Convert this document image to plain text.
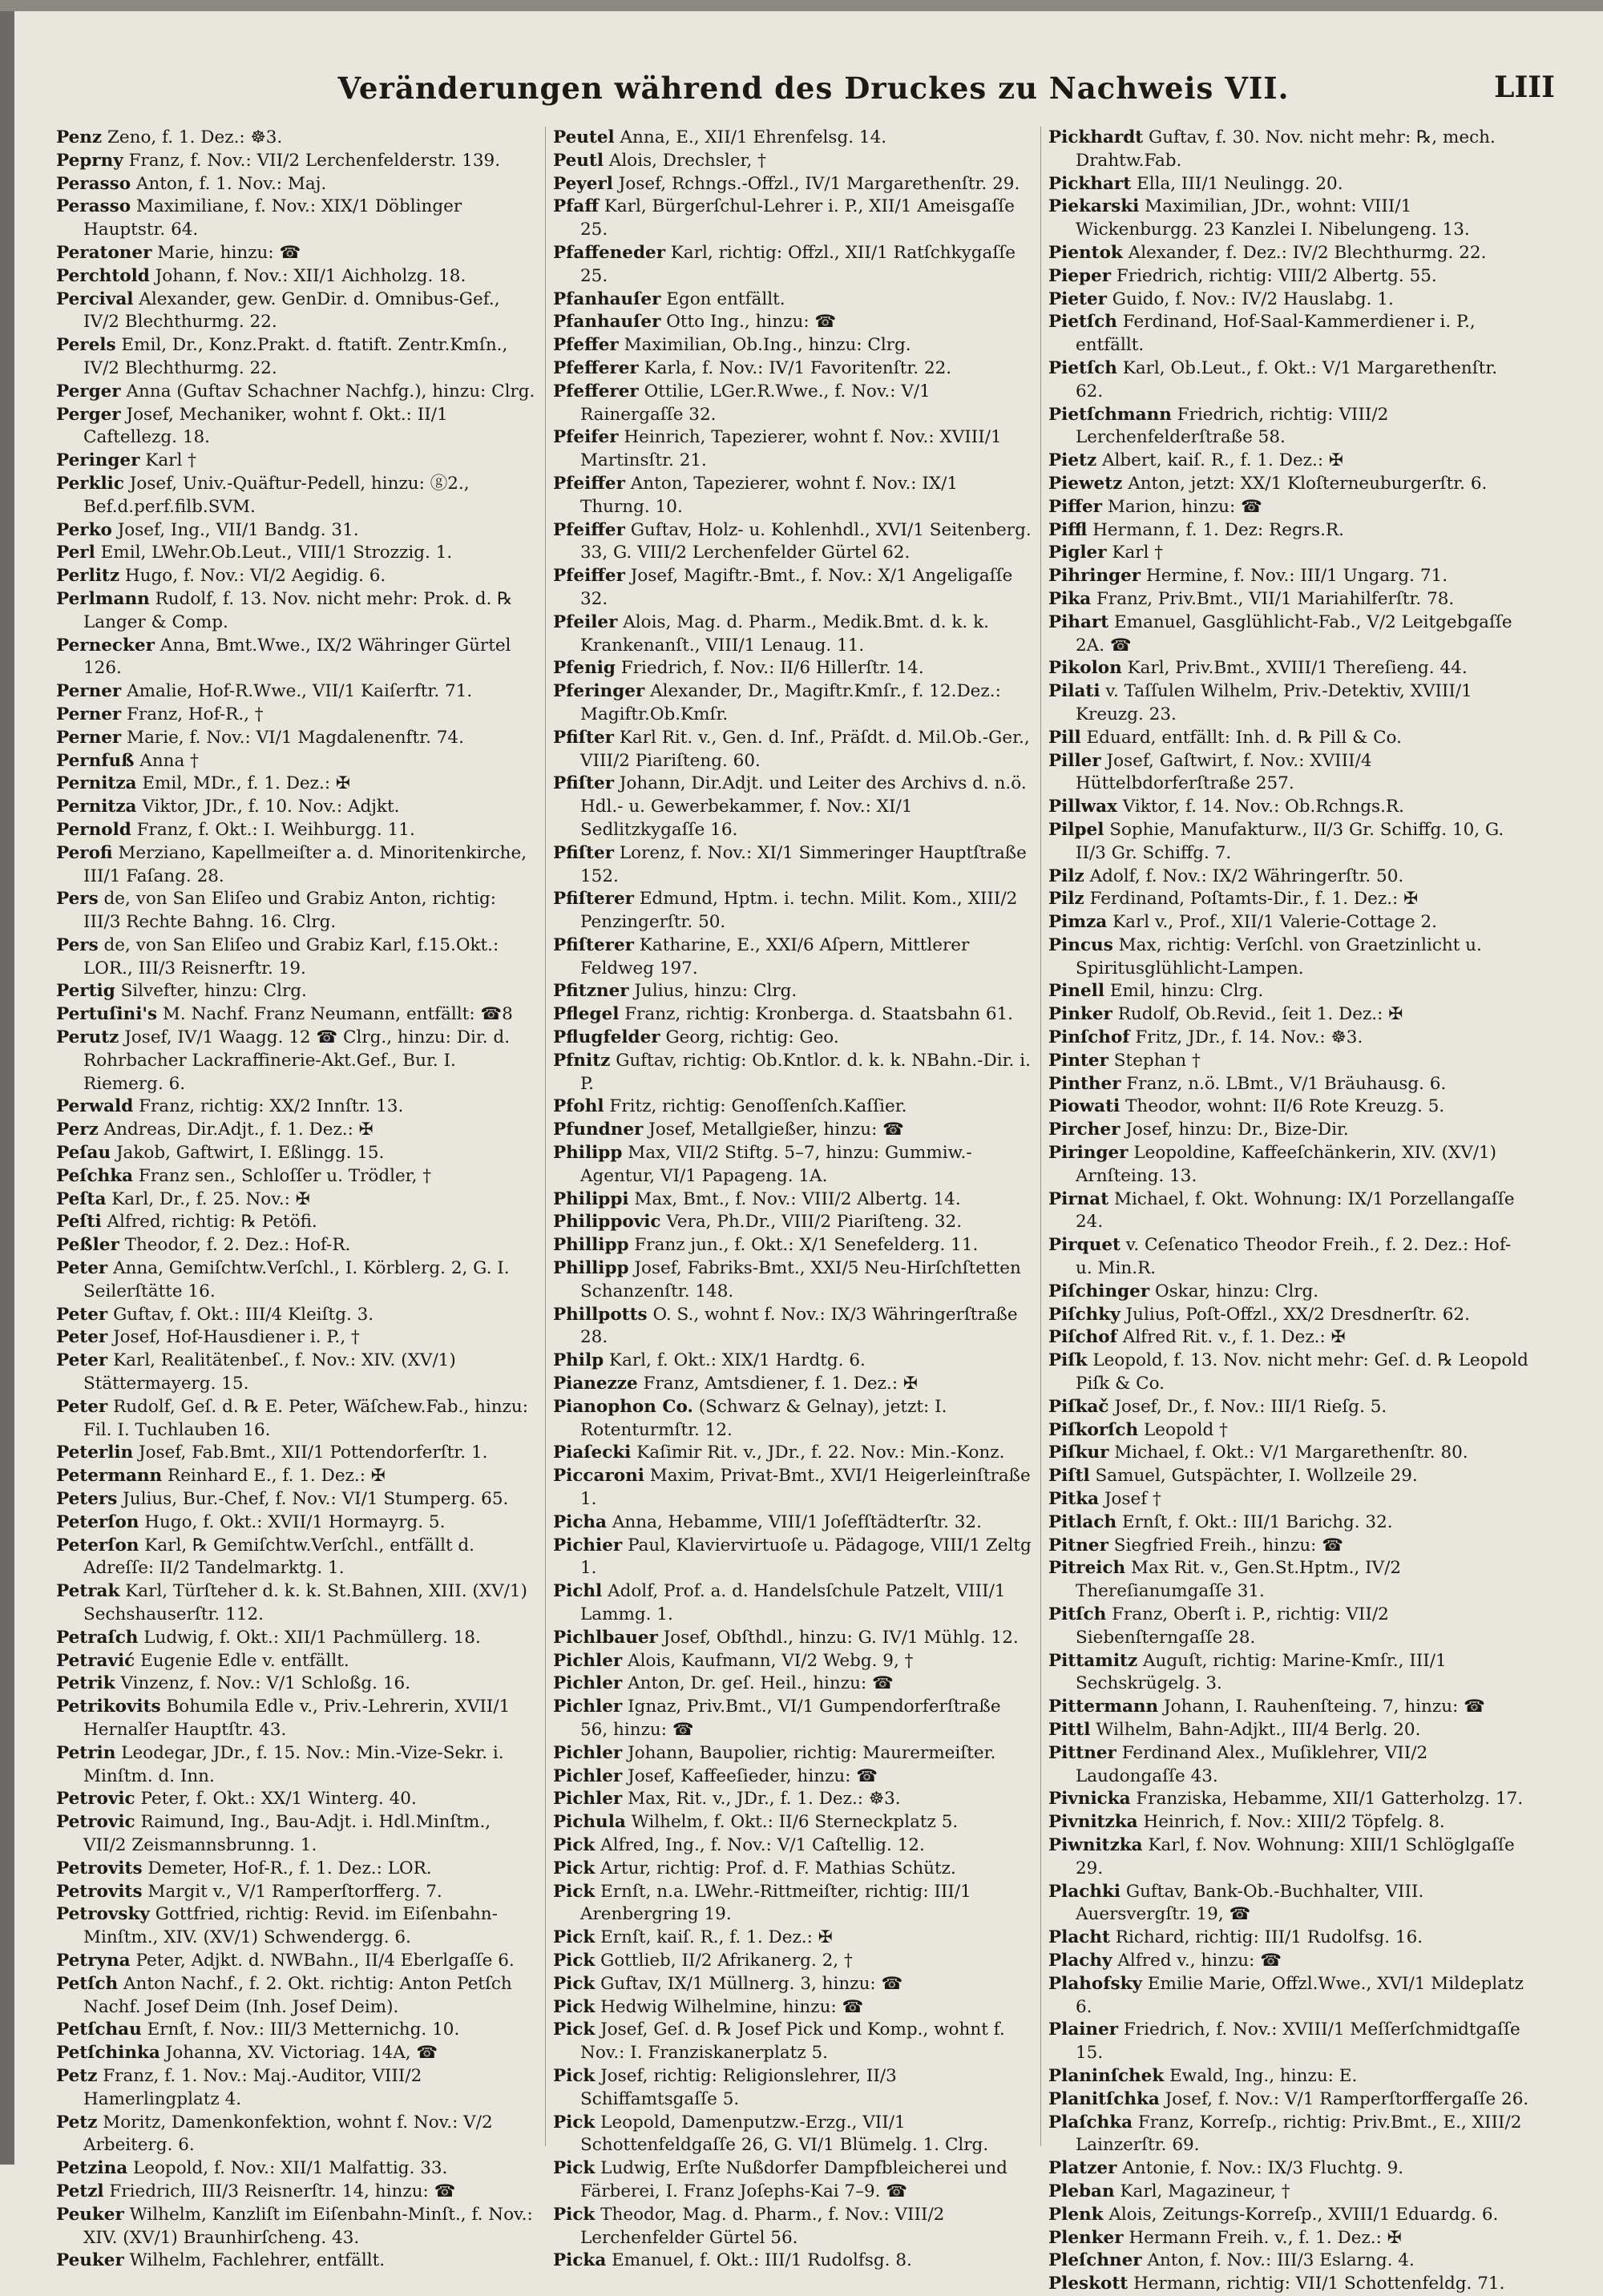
Veränderungen während des Druckes zu Nachweis VII.	LIII

Penz Zeno, f. 1. Dez.: ☸3.

Peprny Franz, f. Nov.: VII/2 Lerchenfelderstr. 139.

Perasso Anton, f. 1. Nov.: Maj.

Perasso Maximiliane, f. Nov.: XIX/1 Döblinger Hauptstr. 64.

Peratoner Marie, hinzu: ☎

Perchtold Johann, f. Nov.: XII/1 Aichholzg. 18.

Percival Alexander, gew. GenDir. d. Omnibus-Gef., IV/2 Blechthurmg. 22.

Perels Emil, Dr., Konz.Prakt. d. ftatift. Zentr.Kmſn., IV/2 Blechthurmg. 22.

Perger Anna (Guftav Schachner Nachfg.), hinzu: Clrg.

Perger Josef, Mechaniker, wohnt f. Okt.: II/1 Caftellezg. 18.

Peringer Karl †

Perklic Josef, Univ.-Quäftur-Pedell, hinzu: ⓖ2., Bef.d.perf.filb.SVM.

Perko Josef, Ing., VII/1 Bandg. 31.

Perl Emil, LWehr.Ob.Leut., VIII/1 Strozzig. 1.

Perlitz Hugo, f. Nov.: VI/2 Aegidig. 6.

Perlmann Rudolf, f. 13. Nov. nicht mehr: Prok. d. ℞ Langer & Comp.

Pernecker Anna, Bmt.Wwe., IX/2 Währinger Gürtel 126.

Perner Amalie, Hof-R.Wwe., VII/1 Kaiſerftr. 71.

Perner Franz, Hof-R., †

Perner Marie, f. Nov.: VI/1 Magdalenenftr. 74.

Pernfuß Anna †

Pernitza Emil, MDr., f. 1. Dez.: ✠

Pernitza Viktor, JDr., f. 10. Nov.: Adjkt.

Pernold Franz, f. Okt.: I. Weihburgg. 11.

Perofi Merziano, Kapellmeiſter a. d. Minoritenkirche, III/1 Faſang. 28.

Pers de, von San Eliſeo und Grabiz Anton, richtig: III/3 Rechte Bahng. 16. Clrg.

Pers de, von San Eliſeo und Grabiz Karl, f.15.Okt.: LOR., III/3 Reisnerftr. 19.

Pertig Silvefter, hinzu: Clrg.

Pertuſini's M. Nachf. Franz Neumann, entfällt: ☎8

Perutz Josef, IV/1 Waagg. 12 ☎ Clrg., hinzu: Dir. d. Rohrbacher Lackraffinerie-Akt.Gef., Bur. I. Riemerg. 6.

Perwald Franz, richtig: XX/2 Innſtr. 13.

Perz Andreas, Dir.Adjt., f. 1. Dez.: ✠

Peſau Jakob, Gaftwirt, I. Eßlingg. 15.

Peſchka Franz sen., Schloſſer u. Trödler, †

Peſta Karl, Dr., f. 25. Nov.: ✠

Peſti Alfred, richtig: ℞ Petöfi.

Peßler Theodor, f. 2. Dez.: Hof-R.

Peter Anna, Gemiſchtw.Verſchl., I. Körblerg. 2, G. I. Seilerſtätte 16.

Peter Guftav, f. Okt.: III/4 Kleiſtg. 3.

Peter Josef, Hof-Hausdiener i. P., †

Peter Karl, Realitätenbeſ., f. Nov.: XIV. (XV/1) Stättermayerg. 15.

Peter Rudolf, Geſ. d. ℞ E. Peter, Wäſchew.Fab., hinzu: Fil. I. Tuchlauben 16.

Peterlin Josef, Fab.Bmt., XII/1 Pottendorferſtr. 1.

Petermann Reinhard E., f. 1. Dez.: ✠

Peters Julius, Bur.-Chef, f. Nov.: VI/1 Stumperg. 65.

Peterſon Hugo, f. Okt.: XVII/1 Hormayrg. 5.

Peterſon Karl, ℞ Gemiſchtw.Verſchl., entfällt d. Adreſſe: II/2 Tandelmarktg. 1.

Petrak Karl, Türſteher d. k. k. St.Bahnen, XIII. (XV/1) Sechshauserſtr. 112.

Petraſch Ludwig, f. Okt.: XII/1 Pachmüllerg. 18.

Petravić Eugenie Edle v. entfällt.

Petrik Vinzenz, f. Nov.: V/1 Schloßg. 16.

Petrikovits Bohumila Edle v., Priv.-Lehrerin, XVII/1 Hernalſer Hauptſtr. 43.

Petrin Leodegar, JDr., f. 15. Nov.: Min.-Vize-Sekr. i. Minſtm. d. Inn.

Petrovic Peter, f. Okt.: XX/1 Winterg. 40.

Petrovic Raimund, Ing., Bau-Adjt. i. Hdl.Minſtm., VII/2 Zeismannsbrunng. 1.

Petrovits Demeter, Hof-R., f. 1. Dez.: LOR.

Petrovits Margit v., V/1 Ramperſtorfferg. 7.

Petrovsky Gottfried, richtig: Revid. im Eiſenbahn-Minſtm., XIV. (XV/1) Schwendergg. 6.

Petryna Peter, Adjkt. d. NWBahn., II/4 Eberlgaſſe 6.

Petſch Anton Nachf., f. 2. Okt. richtig: Anton Petſch Nachf. Josef Deim (Inh. Josef Deim).

Petſchau Ernſt, f. Nov.: III/3 Metternichg. 10.

Petſchinka Johanna, XV. Victoriag. 14A, ☎

Petz Franz, f. 1. Nov.: Maj.-Auditor, VIII/2 Hamerlingplatz 4.

Petz Moritz, Damenkonfektion, wohnt f. Nov.: V/2 Arbeiterg. 6.

Petzina Leopold, f. Nov.: XII/1 Malfattig. 33.

Petzl Friedrich, III/3 Reisnerſtr. 14, hinzu: ☎

Peuker Wilhelm, Kanzliſt im Eiſenbahn-Minſt., f. Nov.: XIV. (XV/1) Braunhirſcheng. 43.

Peuker Wilhelm, Fachlehrer, entfällt.

Peutel Anna, E., XII/1 Ehrenfelsg. 14.

Peutl Alois, Drechsler, †

Peyerl Josef, Rchngs.-Offzl., IV/1 Margarethenſtr. 29.

Pfaff Karl, Bürgerſchul-Lehrer i. P., XII/1 Ameisgaſſe 25.

Pfaffeneder Karl, richtig: Offzl., XII/1 Ratſchkygaſſe 25.

Pfanhauſer Egon entfällt.

Pfanhauſer Otto Ing., hinzu: ☎

Pfeffer Maximilian, Ob.Ing., hinzu: Clrg.

Pfefferer Karla, f. Nov.: IV/1 Favoritenſtr. 22.

Pfefferer Ottilie, LGer.R.Wwe., f. Nov.: V/1 Rainergaſſe 32.

Pfeifer Heinrich, Tapezierer, wohnt f. Nov.: XVIII/1 Martinsſtr. 21.

Pfeiffer Anton, Tapezierer, wohnt f. Nov.: IX/1 Thurng. 10.

Pfeiffer Guftav, Holz- u. Kohlenhdl., XVI/1 Seitenberg. 33, G. VIII/2 Lerchenfelder Gürtel 62.

Pfeiffer Josef, Magiftr.-Bmt., f. Nov.: X/1 Angeligaſſe 32.

Pfeiler Alois, Mag. d. Pharm., Medik.Bmt. d. k. k. Krankenanſt., VIII/1 Lenaug. 11.

Pfenig Friedrich, f. Nov.: II/6 Hillerſtr. 14.

Pferinger Alexander, Dr., Magiftr.Kmſr., f. 12.Dez.: Magiftr.Ob.Kmſr.

Pfiſter Karl Rit. v., Gen. d. Inf., Präſdt. d. Mil.Ob.-Ger., VIII/2 Piariſteng. 60.

Pfiſter Johann, Dir.Adjt. und Leiter des Archivs d. n.ö. Hdl.- u. Gewerbekammer, f. Nov.: XI/1 Sedlitzkygaſſe 16.

Pfiſter Lorenz, f. Nov.: XI/1 Simmeringer Hauptſtraße 152.

Pfiſterer Edmund, Hptm. i. techn. Milit. Kom., XIII/2 Penzingerſtr. 50.

Pfiſterer Katharine, E., XXI/6 Aſpern, Mittlerer Feldweg 197.

Pfitzner Julius, hinzu: Clrg.

Pflegel Franz, richtig: Kronberga. d. Staatsbahn 61.

Pflugfelder Georg, richtig: Geo.

Pfnitz Guftav, richtig: Ob.Kntlor. d. k. k. NBahn.-Dir. i. P.

Pfohl Fritz, richtig: Genoſſenſch.Kaſſier.

Pfundner Josef, Metallgießer, hinzu: ☎

Philipp Max, VII/2 Stiftg. 5–7, hinzu: Gummiw.-Agentur, VI/1 Papageng. 1A.

Philippi Max, Bmt., f. Nov.: VIII/2 Albertg. 14.

Philippovic Vera, Ph.Dr., VIII/2 Piariſteng. 32.

Phillipp Franz jun., f. Okt.: X/1 Senefelderg. 11.

Phillipp Josef, Fabriks-Bmt., XXI/5 Neu-Hirſchſtetten Schanzenſtr. 148.

Phillpotts O. S., wohnt f. Nov.: IX/3 Währingerſtraße 28.

Philp Karl, f. Okt.: XIX/1 Hardtg. 6.

Pianezze Franz, Amtsdiener, f. 1. Dez.: ✠

Pianophon Co. (Schwarz & Gelnay), jetzt: I. Rotenturmſtr. 12.

Piaſecki Kaſimir Rit. v., JDr., f. 22. Nov.: Min.-Konz.

Piccaroni Maxim, Privat-Bmt., XVI/1 Heigerleinſtraße 1.

Picha Anna, Hebamme, VIII/1 Joſefſtädterſtr. 32.

Pichier Paul, Klaviervirtuoſe u. Pädagoge, VIII/1 Zeltg 1.

Pichl Adolf, Prof. a. d. Handelsſchule Patzelt, VIII/1 Lammg. 1.

Pichlbauer Josef, Obſthdl., hinzu: G. IV/1 Mühlg. 12.

Pichler Alois, Kaufmann, VI/2 Webg. 9, †

Pichler Anton, Dr. geſ. Heil., hinzu: ☎

Pichler Ignaz, Priv.Bmt., VI/1 Gumpendorferſtraße 56, hinzu: ☎

Pichler Johann, Baupolier, richtig: Maurermeiſter.

Pichler Josef, Kaffeeſieder, hinzu: ☎

Pichler Max, Rit. v., JDr., f. 1. Dez.: ☸3.

Pichula Wilhelm, f. Okt.: II/6 Sterneckplatz 5.

Pick Alfred, Ing., f. Nov.: V/1 Caſtellig. 12.

Pick Artur, richtig: Prof. d. F. Mathias Schütz.

Pick Ernſt, n.a. LWehr.-Rittmeiſter, richtig: III/1 Arenbergring 19.

Pick Ernſt, kaiſ. R., f. 1. Dez.: ✠

Pick Gottlieb, II/2 Afrikanerg. 2, †

Pick Guftav, IX/1 Müllnerg. 3, hinzu: ☎

Pick Hedwig Wilhelmine, hinzu: ☎

Pick Josef, Geſ. d. ℞ Josef Pick und Komp., wohnt f. Nov.: I. Franziskanerplatz 5.

Pick Josef, richtig: Religionslehrer, II/3 Schiffamtsgaſſe 5.

Pick Leopold, Damenputzw.-Erzg., VII/1 Schottenfeldgaſſe 26, G. VI/1 Blümelg. 1. Clrg.

Pick Ludwig, Erſte Nußdorfer Dampfbleicherei und Färberei, I. Franz Joſephs-Kai 7–9. ☎

Pick Theodor, Mag. d. Pharm., f. Nov.: VIII/2 Lerchenfelder Gürtel 56.

Picka Emanuel, f. Okt.: III/1 Rudolfsg. 8.

Pickhardt Guftav, f. 30. Nov. nicht mehr: ℞, mech. Drahtw.Fab.

Pickhart Ella, III/1 Neulingg. 20.

Piekarski Maximilian, JDr., wohnt: VIII/1 Wickenburgg. 23 Kanzlei I. Nibelungeng. 13.

Pientok Alexander, f. Dez.: IV/2 Blechthurmg. 22.

Pieper Friedrich, richtig: VIII/2 Albertg. 55.

Pieter Guido, f. Nov.: IV/2 Hauslabg. 1.

Pietſch Ferdinand, Hof-Saal-Kammerdiener i. P., entfällt.

Pietſch Karl, Ob.Leut., f. Okt.: V/1 Margarethenſtr. 62.

Pietſchmann Friedrich, richtig: VIII/2 Lerchenfelderſtraße 58.

Pietz Albert, kaiſ. R., f. 1. Dez.: ✠

Piewetz Anton, jetzt: XX/1 Kloſterneuburgerſtr. 6.

Piffer Marion, hinzu: ☎

Piffl Hermann, f. 1. Dez: Regrs.R.

Pigler Karl †

Pihringer Hermine, f. Nov.: III/1 Ungarg. 71.

Pika Franz, Priv.Bmt., VII/1 Mariahilferſtr. 78.

Pihart Emanuel, Gasglühlicht-Fab., V/2 Leitgebgaſſe 2A. ☎

Pikolon Karl, Priv.Bmt., XVIII/1 Thereſieng. 44.

Pilati v. Taſſulen Wilhelm, Priv.-Detektiv, XVIII/1 Kreuzg. 23.

Pill Eduard, entfällt: Inh. d. ℞ Pill & Co.

Piller Josef, Gaſtwirt, f. Nov.: XVIII/4 Hüttelbdorferſtraße 257.

Pillwax Viktor, f. 14. Nov.: Ob.Rchngs.R.

Pilpel Sophie, Manufakturw., II/3 Gr. Schiffg. 10, G. II/3 Gr. Schiffg. 7.

Pilz Adolf, f. Nov.: IX/2 Währingerſtr. 50.

Pilz Ferdinand, Poſtamts-Dir., f. 1. Dez.: ✠

Pimza Karl v., Prof., XII/1 Valerie-Cottage 2.

Pincus Max, richtig: Verſchl. von Graetzinlicht u. Spiritusglühlicht-Lampen.

Pinell Emil, hinzu: Clrg.

Pinker Rudolf, Ob.Revid., ſeit 1. Dez.: ✠

Pinſchof Fritz, JDr., f. 14. Nov.: ☸3.

Pinter Stephan †

Pinther Franz, n.ö. LBmt., V/1 Bräuhausg. 6.

Piowati Theodor, wohnt: II/6 Rote Kreuzg. 5.

Pircher Josef, hinzu: Dr., Bize-Dir.

Piringer Leopoldine, Kaffeeſchänkerin, XIV. (XV/1) Arnſteing. 13.

Pirnat Michael, f. Okt. Wohnung: IX/1 Porzellangaſſe 24.

Pirquet v. Ceſenatico Theodor Freih., f. 2. Dez.: Hof- u. Min.R.

Piſchinger Oskar, hinzu: Clrg.

Piſchky Julius, Poſt-Offzl., XX/2 Dresdnerſtr. 62.

Piſchof Alfred Rit. v., f. 1. Dez.: ✠

Piſk Leopold, f. 13. Nov. nicht mehr: Geſ. d. ℞ Leopold Piſk & Co.

Piſkač Josef, Dr., f. Nov.: III/1 Rieſg. 5.

Piſkorſch Leopold †

Piſkur Michael, f. Okt.: V/1 Margarethenſtr. 80.

Piſtl Samuel, Gutspächter, I. Wollzeile 29.

Pitka Josef †

Pitlach Ernſt, f. Okt.: III/1 Barichg. 32.

Pitner Siegfried Freih., hinzu: ☎

Pitreich Max Rit. v., Gen.St.Hptm., IV/2 Thereſianumgaſſe 31.

Pitſch Franz, Oberſt i. P., richtig: VII/2 Siebenſterngaſſe 28.

Pittamitz Auguſt, richtig: Marine-Kmſr., III/1 Sechskrügelg. 3.

Pittermann Johann, I. Rauhenſteing. 7, hinzu: ☎

Pittl Wilhelm, Bahn-Adjkt., III/4 Berlg. 20.

Pittner Ferdinand Alex., Muſiklehrer, VII/2 Laudongaſſe 43.

Pivnicka Franziska, Hebamme, XII/1 Gatterholzg. 17.

Pivnitzka Heinrich, f. Nov.: XIII/2 Töpfelg. 8.

Piwnitzka Karl, f. Nov. Wohnung: XIII/1 Schlöglgaſſe 29.

Plachki Guftav, Bank-Ob.-Buchhalter, VIII. Auersvergſtr. 19, ☎

Placht Richard, richtig: III/1 Rudolfsg. 16.

Plachy Alfred v., hinzu: ☎

Plahofsky Emilie Marie, Offzl.Wwe., XVI/1 Mildeplatz 6.

Plainer Friedrich, f. Nov.: XVIII/1 Meſſerſchmidtgaſſe 15.

Planinſchek Ewald, Ing., hinzu: E.

Planitſchka Josef, f. Nov.: V/1 Ramperſtorffergaſſe 26.

Plaſchka Franz, Korreſp., richtig: Priv.Bmt., E., XIII/2 Lainzerſtr. 69.

Platzer Antonie, f. Nov.: IX/3 Fluchtg. 9.

Pleban Karl, Magazineur, †

Plenk Alois, Zeitungs-Korreſp., XVIII/1 Eduardg. 6.

Plenker Hermann Freih. v., f. 1. Dez.: ✠

Pleſchner Anton, f. Nov.: III/3 Eslarng. 4.

Pleskott Hermann, richtig: VII/1 Schottenfeldg. 71.
